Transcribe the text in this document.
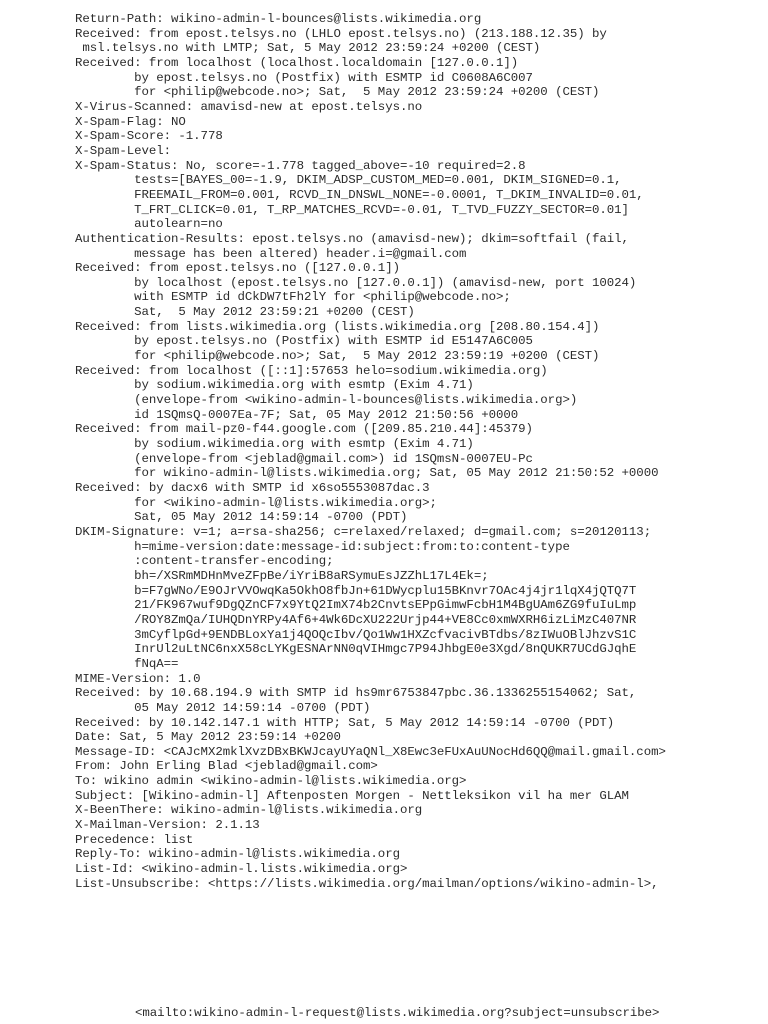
Return-Path: wikino-admin-l-bounces@lists.wikimedia.org
Received: from epost.telsys.no (LHLO epost.telsys.no) (213.188.12.35) by
msl.telsys.no with LMTP; Sat, 5 May 2012 23:59:24 +0200 (CEST)
Received: from localhost (localhost.localdomain [127.0.0.1])
by epost.telsys.no (Postfix) with ESMTP id C0608A6C007
for <philip@webcode.no>; Sat,  5 May 2012 23:59:24 +0200 (CEST)
X-Virus-Scanned: amavisd-new at epost.telsys.no
X-Spam-Flag: NO
X-Spam-Score: -1.778
X-Spam-Level:
X-Spam-Status: No, score=-1.778 tagged_above=-10 required=2.8
tests=[BAYES_00=-1.9, DKIM_ADSP_CUSTOM_MED=0.001, DKIM_SIGNED=0.1,
FREEMAIL_FROM=0.001, RCVD_IN_DNSWL_NONE=-0.0001, T_DKIM_INVALID=0.01,
T_FRT_CLICK=0.01, T_RP_MATCHES_RCVD=-0.01, T_TVD_FUZZY_SECTOR=0.01]
autolearn=no
Authentication-Results: epost.telsys.no (amavisd-new); dkim=softfail (fail,
message has been altered) header.i=@gmail.com
Received: from epost.telsys.no ([127.0.0.1])
by localhost (epost.telsys.no [127.0.0.1]) (amavisd-new, port 10024)
with ESMTP id dCkDW7tFh2lY for <philip@webcode.no>;
Sat,  5 May 2012 23:59:21 +0200 (CEST)
Received: from lists.wikimedia.org (lists.wikimedia.org [208.80.154.4])
by epost.telsys.no (Postfix) with ESMTP id E5147A6C005
for <philip@webcode.no>; Sat,  5 May 2012 23:59:19 +0200 (CEST)
Received: from localhost ([::1]:57653 helo=sodium.wikimedia.org)
by sodium.wikimedia.org with esmtp (Exim 4.71)
(envelope-from <wikino-admin-l-bounces@lists.wikimedia.org>)
id 1SQmsQ-0007Ea-7F; Sat, 05 May 2012 21:50:56 +0000
Received: from mail-pz0-f44.google.com ([209.85.210.44]:45379)
by sodium.wikimedia.org with esmtp (Exim 4.71)
(envelope-from <jeblad@gmail.com>) id 1SQmsN-0007EU-Pc
for wikino-admin-l@lists.wikimedia.org; Sat, 05 May 2012 21:50:52 +0000
Received: by dacx6 with SMTP id x6so5553087dac.3
for <wikino-admin-l@lists.wikimedia.org>;
Sat, 05 May 2012 14:59:14 -0700 (PDT)
DKIM-Signature: v=1; a=rsa-sha256; c=relaxed/relaxed; d=gmail.com; s=20120113;
h=mime-version:date:message-id:subject:from:to:content-type
:content-transfer-encoding;
bh=/XSRmMDHnMveZFpBe/iYriB8aRSymuEsJZZhL17L4Ek=;
b=F7gWNo/E9OJrVVOwqKa5OkhO8fbJn+61DWycplu15BKnvr7OAc4j4jr1lqX4jQTQ7T
21/FK967wuf9DgQZnCF7x9YtQ2ImX74b2CnvtsEPpGimwFcbH1M4BgUAm6ZG9fuIuLmp
/ROY8ZmQa/IUHQDnYRPy4Af6+4Wk6DcXU222Urjp44+VE8Cc0xmWXRH6izLiMzC407NR
3mCyflpGd+9ENDBLoxYa1j4QOQcIbv/Qo1Ww1HXZcfvacivBTdbs/8zIWuOBlJhzvS1C
InrUl2uLtNC6nxX58cLYKgESNArNN0qVIHmgc7P94JhbgE0e3Xgd/8nQUKR7UCdGJqhE
fNqA==
MIME-Version: 1.0
Received: by 10.68.194.9 with SMTP id hs9mr6753847pbc.36.1336255154062; Sat,
05 May 2012 14:59:14 -0700 (PDT)
Received: by 10.142.147.1 with HTTP; Sat, 5 May 2012 14:59:14 -0700 (PDT)
Date: Sat, 5 May 2012 23:59:14 +0200
Message-ID: <CAJcMX2mklXvzDBxBKWJcayUYaQNl_X8Ewc3eFUxAuUNocHd6QQ@mail.gmail.com>
From: John Erling Blad <jeblad@gmail.com>
To: wikino admin <wikino-admin-l@lists.wikimedia.org>
Subject: [Wikino-admin-l] Aftenposten Morgen - Nettleksikon vil ha mer GLAM
X-BeenThere: wikino-admin-l@lists.wikimedia.org
X-Mailman-Version: 2.1.13
Precedence: list
Reply-To: wikino-admin-l@lists.wikimedia.org
List-Id: <wikino-admin-l.lists.wikimedia.org>
List-Unsubscribe: <https://lists.wikimedia.org/mailman/options/wikino-admin-l>,
<mailto:wikino-admin-l-request@lists.wikimedia.org?subject=unsubscribe>
